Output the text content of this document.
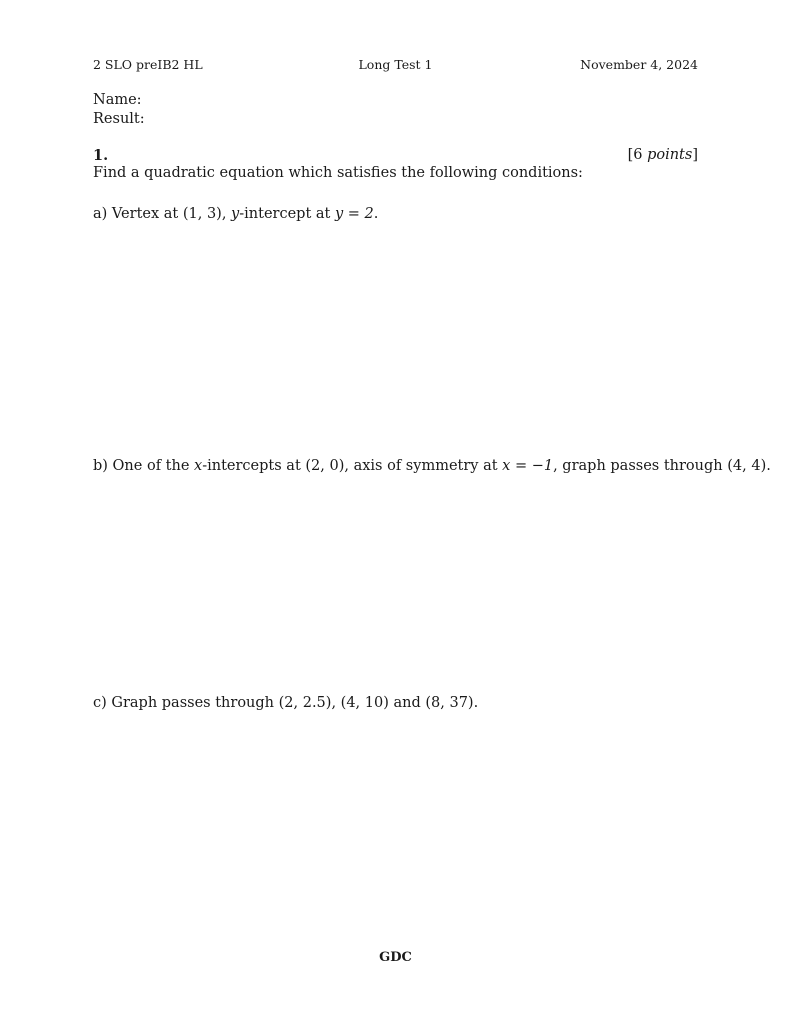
2 SLO preIB2 HL	Long Test 1	November 4, 2024
Name:
Result:
1.	[6 points]
Find a quadratic equation which satisfies the following conditions:
a) Vertex at (1, 3), y-intercept at y = 2.
b) One of the x-intercepts at (2, 0), axis of symmetry at x = −1, graph passes through (4, 4).
c) Graph passes through (2, 2.5), (4, 10) and (8, 37).
GDC
